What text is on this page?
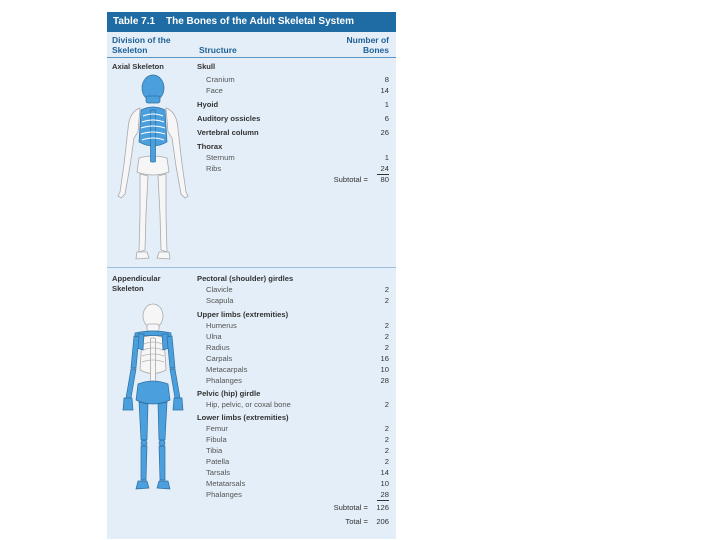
Table 7.1 The Bones of the Adult Skeletal System
Division of the Skeleton	Structure
Number of Bones
Axial Skeleton	Skull
Cranium	8
Face	14
Hyoid	1
Auditory ossicles	6
Vertebral column	26
Thorax
Sternum	1
Ribs	24
Subtotal = 80
Appendicular Skeleton
Pectoral (shoulder) girdles
Clavicle	2
Scapula	2
Upper limbs (extremities)
Humerus	2
Ulna	2
Radius	2
Carpals	16
Metacarpals	10
Phalanges	28
Pelvic (hip) girdle
Hip, pelvic, or coxal bone	2
Lower limbs (extremities)
Femur	2
Fibula	2
Tibia	2
Patella	2
Tarsals	14
Metatarsals	10
Phalanges	28
Subtotal = 126
Total = 206
